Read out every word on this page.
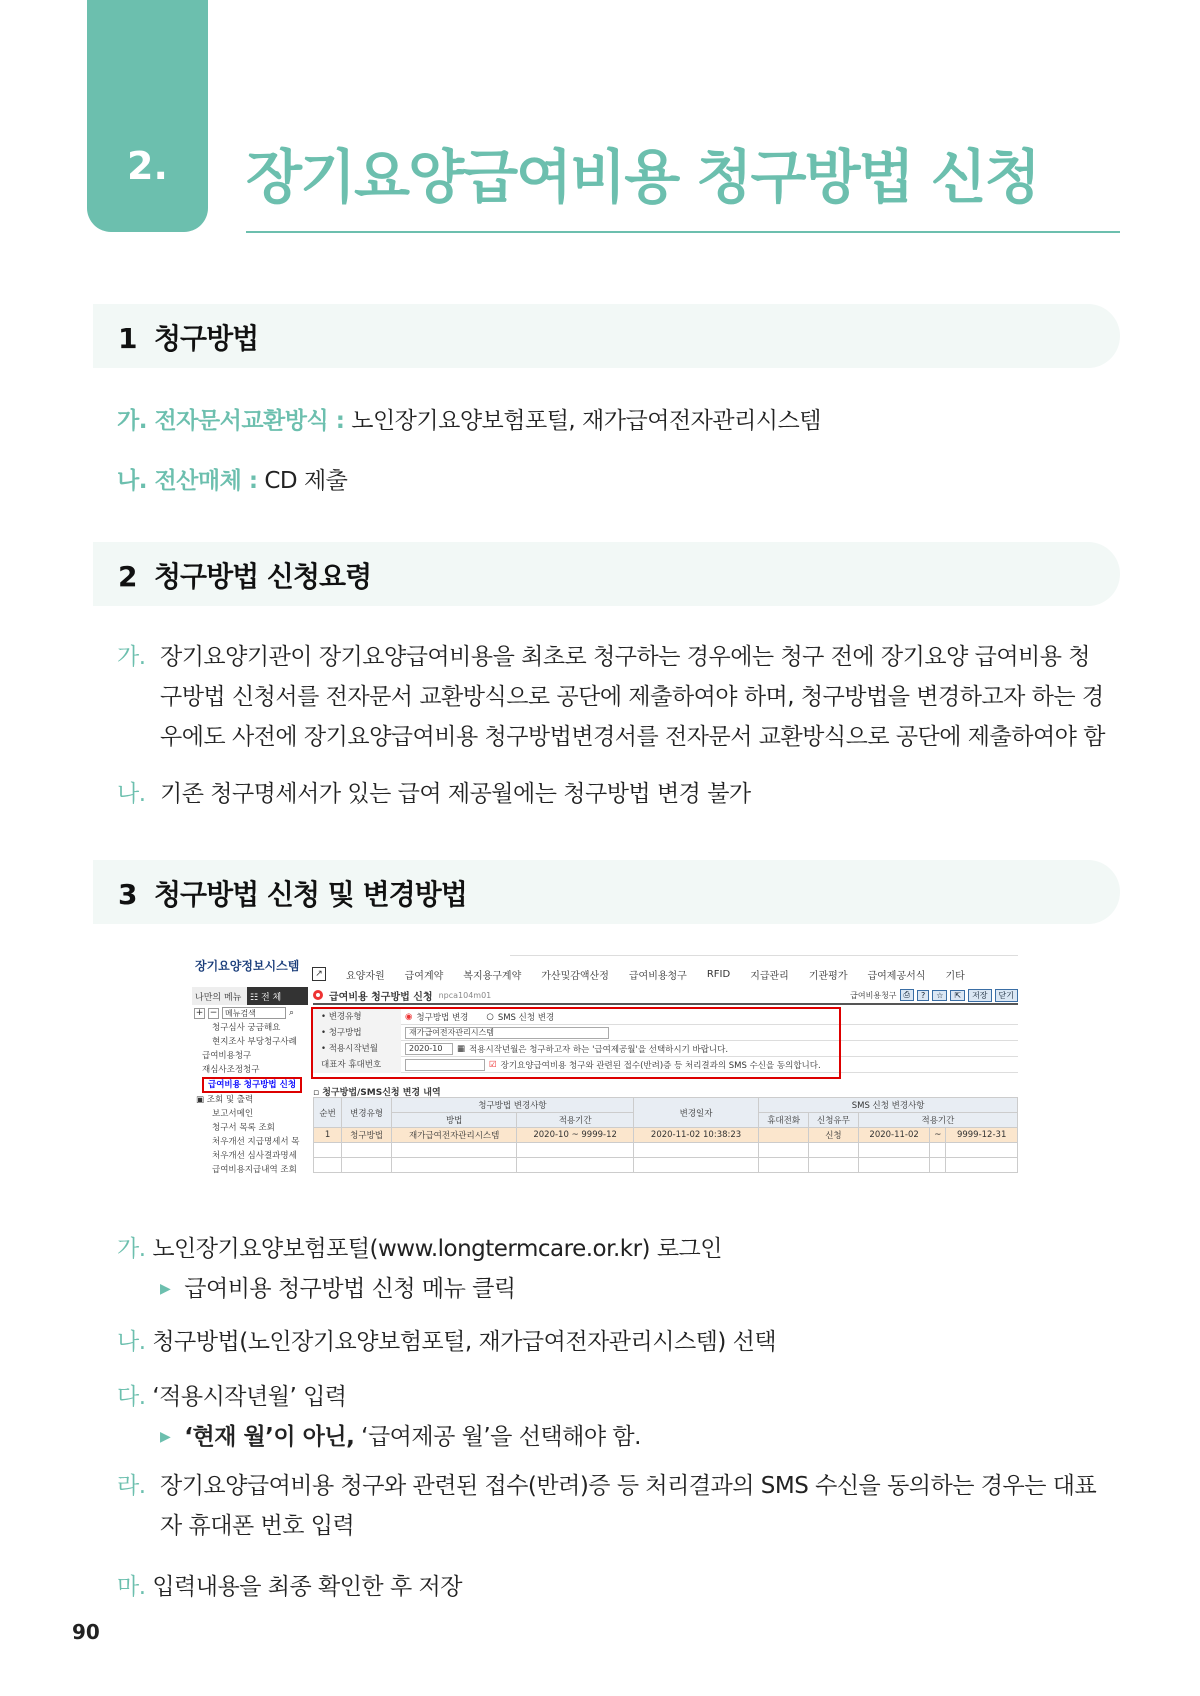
2. 장기요양급여비용 청구방법 신청
1 청구방법
가. 전자문서교환방식 : 노인장기요양보험포털, 재가급여전자관리시스템
나. 전산매체 : CD 제출
2 청구방법 신청요령
가. 장기요양기관이 장기요양급여비용을 최초로 청구하는 경우에는 청구 전에 장기요양 급여비용 청구방법 신청서를 전자문서 교환방식으로 공단에 제출하여야 하며, 청구방법을 변경하고자 하는 경우에도 사전에 장기요양급여비용 청구방법변경서를 전자문서 교환방식으로 공단에 제출하여야 함
나. 기존 청구명세서가 있는 급여 제공월에는 청구방법 변경 불가
3 청구방법 신청 및 변경방법
장기요양정보시스템
↗	요양자원 급여계약 복지용구계약 가산및감액산정 급여비용청구 RFID 지급관리 기관평가 급여제공서식 기타
나만의 메뉴 ☷ 전 체
+ − 메뉴검색	⌕
청구심사 궁금해요
현지조사 부당청구사례
급여비용청구
재심사조정청구
급여비용 청구방법 신청
▣ 조회 및 출력
보고서메인
청구서 목록 조회
처우개선 지급명세서 목
처우개선 심사결과명세
급여비용지급내역 조회
급여비용 청구방법 신청 npca104m01	급여비용청구 ⎙	?	☆	⇱	저장	닫기
• 변경유형	◉ 청구방법 변경 ○ SMS 신청 변경
• 청구방법	재가급여전자관리시스템
• 적용시작년월	2020-10	▦ 적용시작년월은 청구하고자 하는 '급여제공월'을 선택하시기 바랍니다.
대표자 휴대번호	☑ 장기요양급여비용 청구와 관련된 접수(반려)증 등 처리결과의 SMS 수신을 동의합니다.
▫ 청구방법/SMS신청 변경 내역
순번	변경유형	청구방법 변경사항		변경일자	SMS 신청 변경사항				
		방법	적용기간		휴대전화	신청유무	적용기간		
1	청구방법	재가급여전자관리시스템	2020-10 ~ 9999-12	2020-11-02 10:38:23		신청	2020-11-02	~	9999-12-31

가. 노인장기요양보험포털(www.longtermcare.or.kr) 로그인
▶ 급여비용 청구방법 신청 메뉴 클릭
나. 청구방법(노인장기요양보험포털, 재가급여전자관리시스템) 선택
다. ‘적용시작년월’ 입력
▶ ‘현재 월’이 아닌, ‘급여제공 월’을 선택해야 함.
라. 장기요양급여비용 청구와 관련된 접수(반려)증 등 처리결과의 SMS 수신을 동의하는 경우는 대표자 휴대폰 번호 입력
마. 입력내용을 최종 확인한 후 저장
90
